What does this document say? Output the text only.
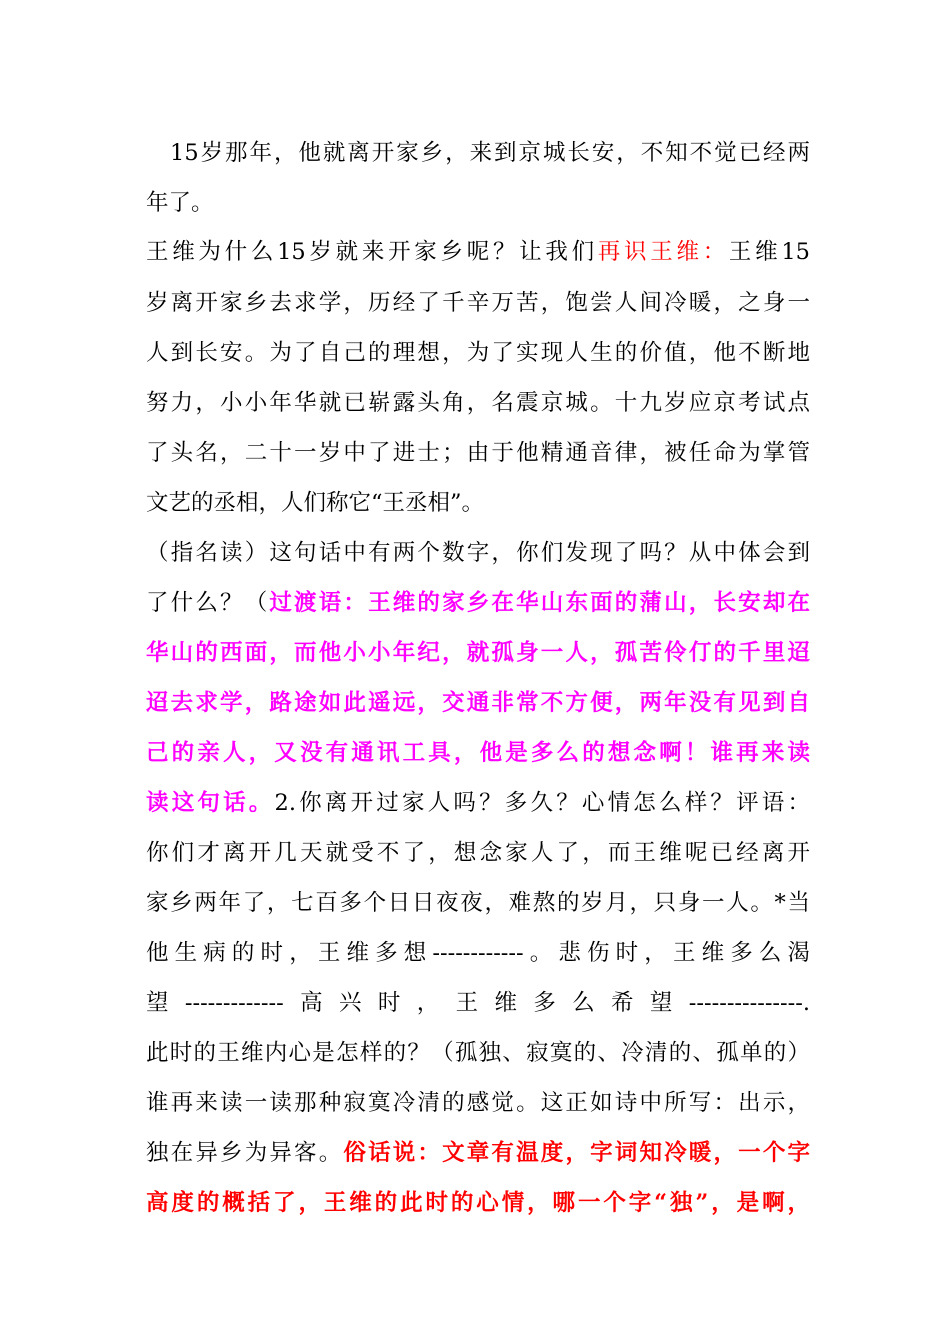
15岁那年，他就离开家乡，来到京城长安，不知不觉已经两
年了。
王维为什么15岁就来开家乡呢？让我们再识王维：王维15
岁离开家乡去求学，历经了千辛万苦，饱尝人间冷暖，之身一
人到长安。为了自己的理想，为了实现人生的价值，他不断地
努力，小小年华就已崭露头角，名震京城。十九岁应京考试点
了头名，二十一岁中了进士；由于他精通音律，被任命为掌管
文艺的丞相，人们称它“王丞相”。
（指名读）这句话中有两个数字，你们发现了吗？从中体会到
了什么？（过渡语：王维的家乡在华山东面的蒲山，长安却在
华山的西面，而他小小年纪，就孤身一人，孤苦伶仃的千里迢
迢去求学，路途如此遥远，交通非常不方便，两年没有见到自
己的亲人，又没有通讯工具，他是多么的想念啊！谁再来读
读这句话。2.你离开过家人吗？多久？心情怎么样？评语：
你们才离开几天就受不了，想念家人了，而王维呢已经离开
家乡两年了，七百多个日日夜夜，难熬的岁月，只身一人。*当
他生病的时，王维多想------------。悲伤时，王维多么渴
望-------------高兴时，王维多么希望---------------.
此时的王维内心是怎样的？（孤独、寂寞的、冷清的、孤单的）
谁再来读一读那种寂寞冷清的感觉。这正如诗中所写：出示，
独在异乡为异客。俗话说：文章有温度，字词知冷暖，一个字
高度的概括了，王维的此时的心情，哪一个字“独”，是啊，
